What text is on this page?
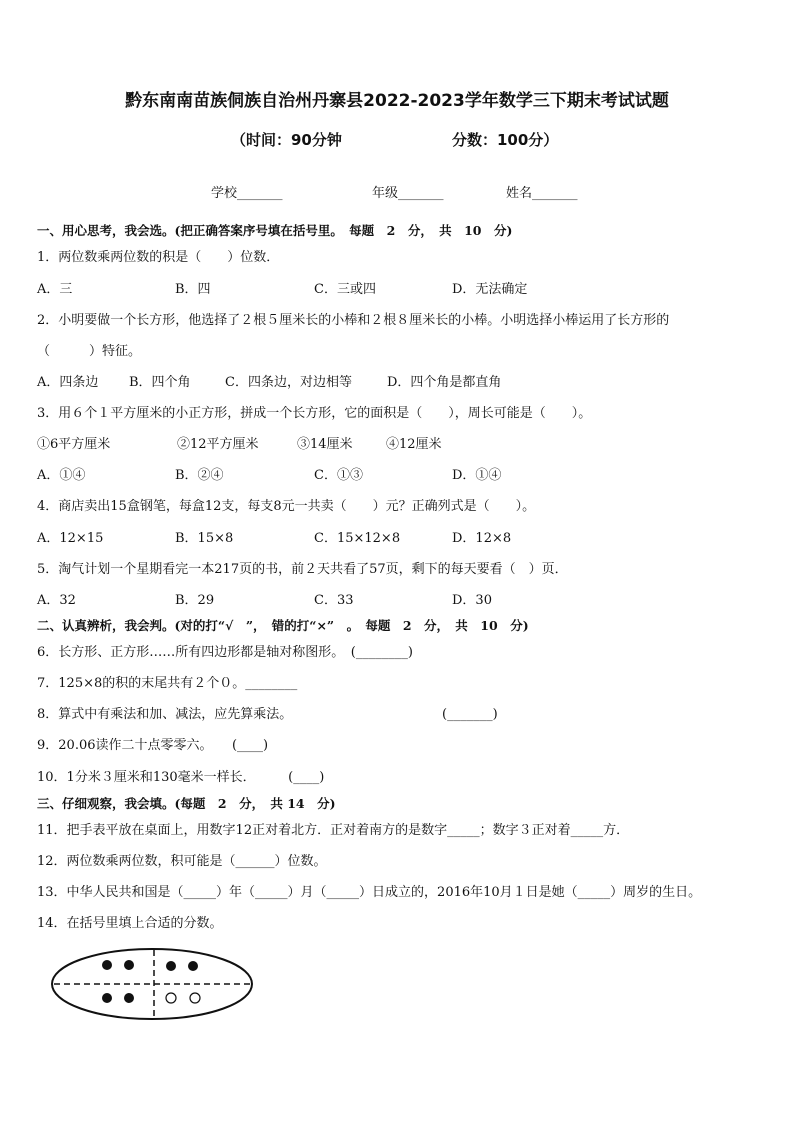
黔东南南苗族侗族自治州丹寨县2022-2023学年数学三下期末考试试题
（时间：90分钟	分数：100分）
学校_______	年级_______	姓名_______
一、用心思考，我会选。(把正确答案序号填在括号里。　每题　2　分，　共　10　分)
1．两位数乘两位数的积是（　　）位数．
A．三	B．四	C．三或四	D．无法确定
2．小明要做一个长方形，他选择了２根５厘米长的小棒和２根８厘米长的小棒。小明选择小棒运用了长方形的
（　　　）特征。
A．四条边 B．四个角	C．四条边，对边相等	D．四个角是都直角
3．用６个１平方厘米的小正方形，拼成一个长方形，它的面积是（　　），周长可能是（　　）。
①6平方厘米	②12平方厘米	③14厘米	④12厘米
A．①④	B．②④	C．①③	D．①④
4．商店卖出15盒钢笔，每盒12支，每支8元一共卖（　　）元？正确列式是（　　）。
A．12×15	B．15×8	C．15×12×8	D．12×8
5．淘气计划一个星期看完一本217页的书，前２天共看了57页，剩下的每天要看（　）页．
A．32	B．29	C．33	D．30
二、认真辨析，我会判。(对的打“√　”，　错的打“×”　。　每题　2　分，　共　10　分)
6．长方形、正方形……所有四边形都是轴对称图形。　(________)
7．125×8的积的末尾共有２个０。________
8．算式中有乘法和加、减法，应先算乘法。	(_______)
9．20.06读作二十点零零六。　　(____)
10．1分米３厘米和130毫米一样长．　　　(____)
三、仔细观察，我会填。(每题　2　分，　共 14　分)
11．把手表平放在桌面上，用数字12正对着北方．正对着南方的是数字_____；数字３正对着_____方．
12．两位数乘两位数，积可能是（______）位数。
13．中华人民共和国是（_____）年（_____）月（_____）日成立的，2016年10月１日是她（_____）周岁的生日。
14．在括号里填上合适的分数。
